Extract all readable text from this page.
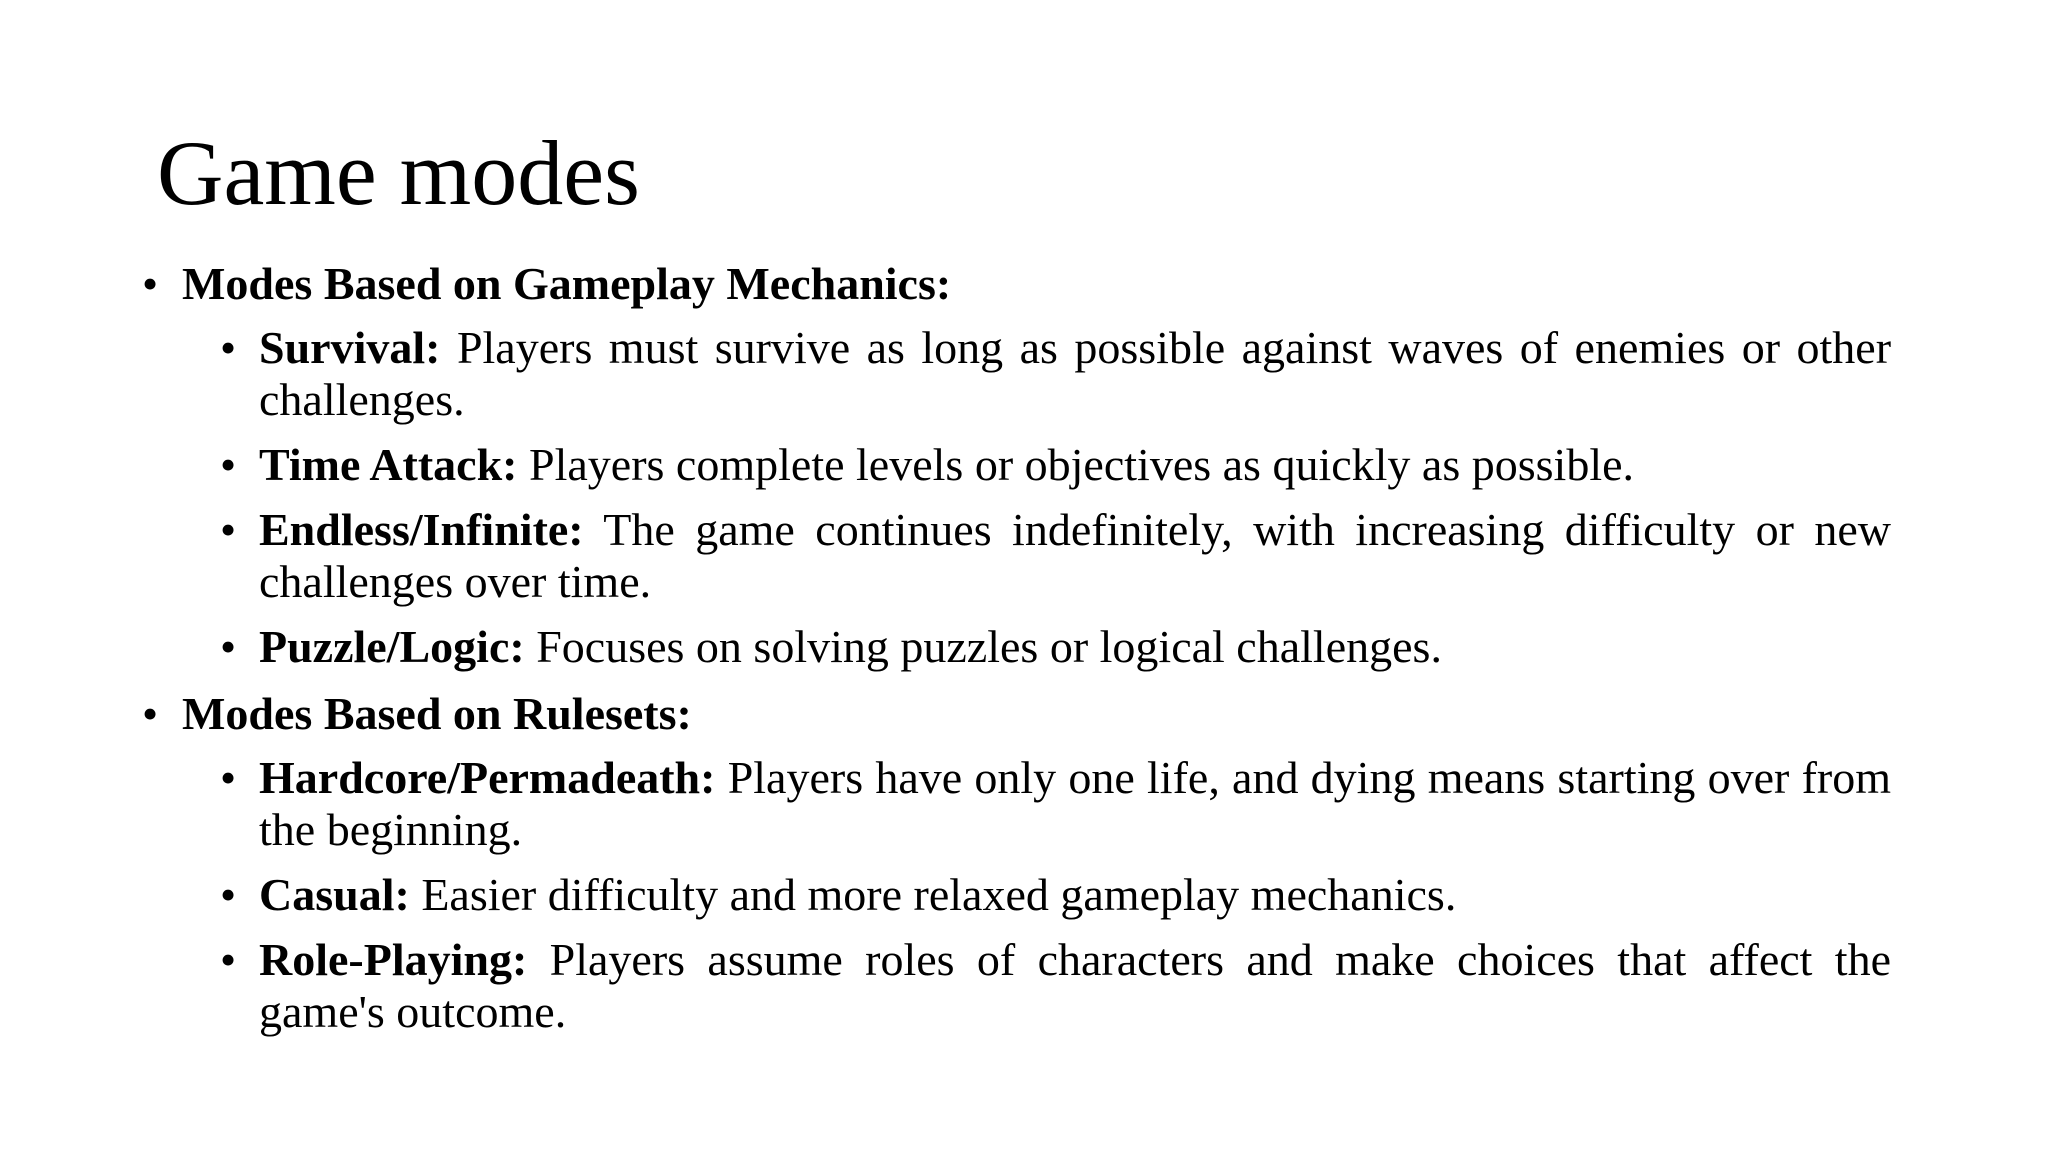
Game modes
• Modes Based on Gameplay Mechanics:
• Survival: Players must survive as long as possible against waves of enemies or other challenges.
• Time Attack: Players complete levels or objectives as quickly as possible.
• Endless/Infinite: The game continues indefinitely, with increasing difficulty or new challenges over time.
• Puzzle/Logic: Focuses on solving puzzles or logical challenges.
• Modes Based on Rulesets:
• Hardcore/Permadeath: Players have only one life, and dying means starting over from the beginning.
• Casual: Easier difficulty and more relaxed gameplay mechanics.
• Role-Playing: Players assume roles of characters and make choices that affect the game's outcome.
